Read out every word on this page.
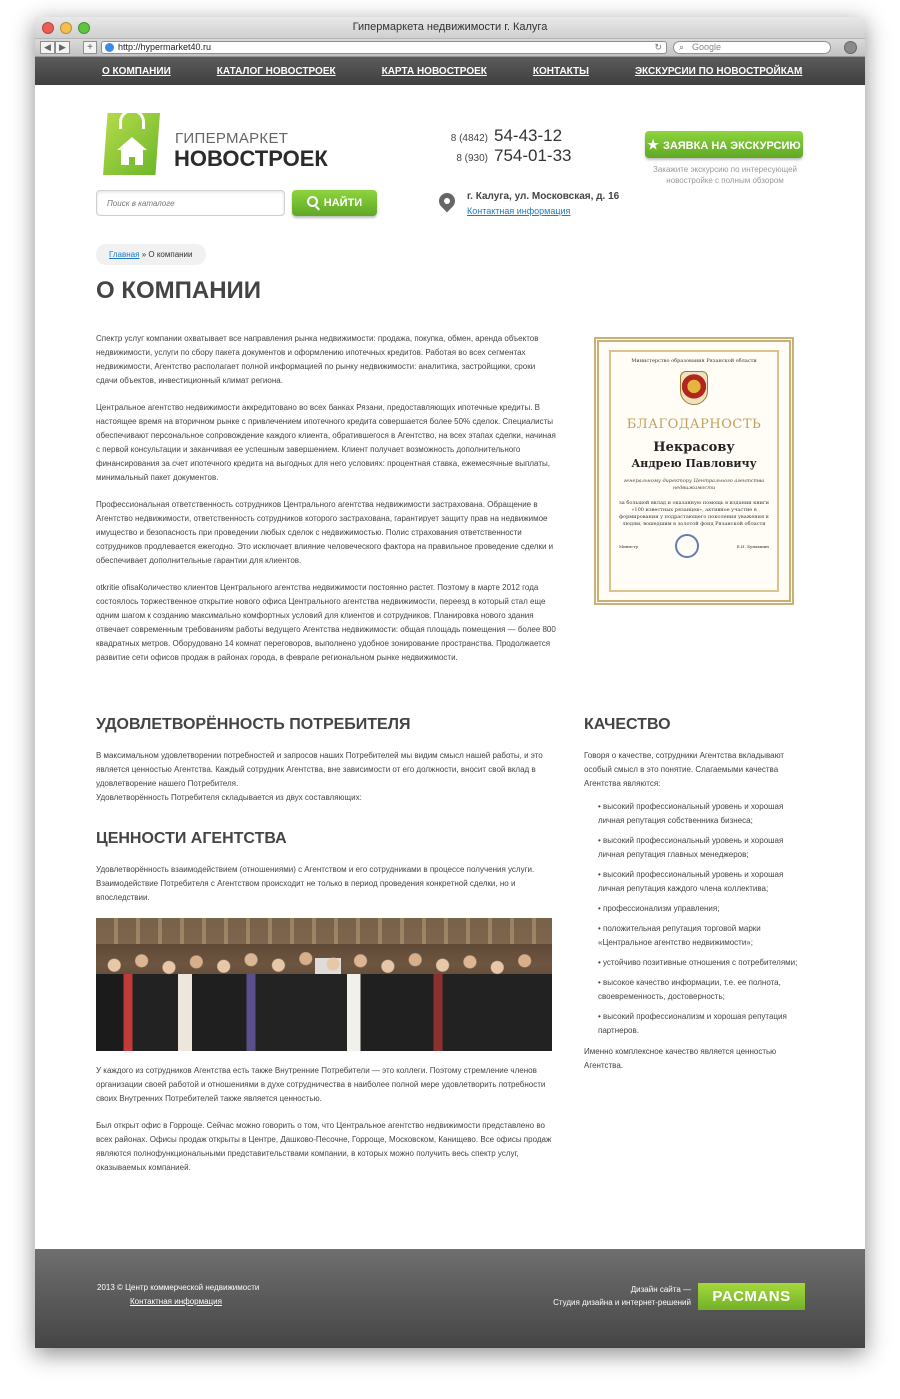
Гипермаркета недвижимости г. Калуга
◀ ▶	+	http://hypermarket40.ru	↻ ⌕ Google
О КОМПАНИИ	КАТАЛОГ НОВОСТРОЕК	КАРТА НОВОСТРОЕК	КОНТАКТЫ	ЭКСКУРСИИ ПО НОВОСТРОЙКАМ
ГИПЕРМАРКЕТ
НОВОСТРОЕК
8 (4842) 54-43-12
8 (930) 754-01-33
★ ЗАЯВКА НА ЭКСКУРСИЮ
Закажите экскурсию по интересующей новостройке с полным обзором
Поиск в каталоге
НАЙТИ
г. Калуга, ул. Московская, д. 16
Контактная информация
Главная » О компании
О КОМПАНИИ

Спектр услуг компании охватывает все направления рынка недвижимости: продажа, покупка, обмен, аренда объектов недвижимости, услуги по сбору пакета документов и оформлению ипотечных кредитов. Работая во всех сегментах недвижимости, Агентство располагает полной информацией по рынку недвижимости: аналитика, застройщики, сроки сдачи объектов, инвестиционный климат региона.

Центральное агентство недвижимости аккредитовано во всех банках Рязани, предоставляющих ипотечные кредиты. В настоящее время на вторичном рынке с привлечением ипотечного кредита совершается более 50% сделок. Специалисты обеспечивают персональное сопровождение каждого клиента, обратившегося в Агентство, на всех этапах сделки, начиная с первой консультации и заканчивая ее успешным завершением. Клиент получает возможность дополнительного финансирования за счет ипотечного кредита на выгодных для него условиях: процентная ставка, ежемесячные выплаты, минимальный пакет документов.

Профессиональная ответственность сотрудников Центрального агентства недвижимости застрахована. Обращение в Агентство недвижимости, ответственность сотрудников которого застрахована, гарантирует защиту прав на недвижимое имущество и безопасность при проведении любых сделок с недвижимостью. Полис страхования ответственности сотрудников продлевается ежегодно. Это исключает влияние человеческого фактора на правильное проведение сделки и обеспечивает дополнительные гарантии для клиентов.

otkritie ofisaКоличество клиентов Центрального агентства недвижимости постоянно растет. Поэтому в марте 2012 года состоялось торжественное открытие нового офиса Центрального агентства недвижимости, переезд в который стал еще одним шагом к созданию максимально комфортных условий для клиентов и сотрудников. Планировка нового здания отвечает современным требованиям работы ведущего Агентства недвижимости: общая площадь помещения — более 800 квадратных метров. Оборудовано 14 комнат переговоров, выполнено удобное зонирование пространства. Продолжается развитие сети офисов продаж в районах города, в феврале региональном рынке недвижимости.

Министерство образования Рязанской области
БЛАГОДАРНОСТЬ
Некрасову
Андрею Павловичу
генеральному директору Центрального агентства недвижимости
за большой вклад и оказанную помощь в издании книги «100 известных рязанцев», активное участие в формировании у подрастающего поколения уважения к людям, вошедшим в золотой фонд Рязанской области
Министр	Е.И. Бунакшин
УДОВЛЕТВОРЁННОСТЬ ПОТРЕБИТЕЛЯ
В максимальном удовлетворении потребностей и запросов наших Потребителей мы видим смысл нашей работы, и это является ценностью Агентства. Каждый сотрудник Агентства, вне зависимости от его должности, вносит свой вклад в удовлетворение нашего Потребителя.
Удовлетворённость Потребителя складывается из двух составляющих:
ЦЕННОСТИ АГЕНТСТВА
Удовлетворённость взаимодействием (отношениями) с Агентством и его сотрудниками в процессе получения услуги. Взаимодействие Потребителя с Агентством происходит не только в период проведения конкретной сделки, но и впоследствии.

У каждого из сотрудников Агентства есть также Внутренние Потребители — это коллеги. Поэтому стремление членов организации своей работой и отношениями в духе сотрудничества в наиболее полной мере удовлетворить потребности своих Внутренних Потребителей также является ценностью.

Был открыт офис в Горроще. Сейчас можно говорить о том, что Центральное агентство недвижимости представлено во всех районах. Офисы продаж открыты в Центре, Дашково-Песочне, Горроще, Московском, Канищево. Все офисы продаж являются полнофункциональными представительствами компании, в которых можно получить весь спектр услуг, оказываемых компанией.

КАЧЕСТВО
Говоря о качестве, сотрудники Агентства вкладывают особый смысл в это понятие. Слагаемыми качества Агентства являются:
• высокий профессиональный уровень и хорошая личная репутация собственника бизнеса;
• высокий профессиональный уровень и хорошая личная репутация главных менеджеров;
• высокий профессиональный уровень и хорошая личная репутация каждого члена коллектива;
• профессионализм управления;
• положительная репутация торговой марки «Центральное агентство недвижимости»;
• устойчиво позитивные отношения с потребителями;
• высокое качество информации, т.е. ее полнота, своевременность, достоверность;
• высокий профессионализм и хорошая репутация партнеров.
Именно комплексное качество является ценностью Агентства.
2013 © Центр коммерческой недвижимости
Контактная информация
Дизайн сайта —
Студия дизайна и интернет-решений	PACMANS
